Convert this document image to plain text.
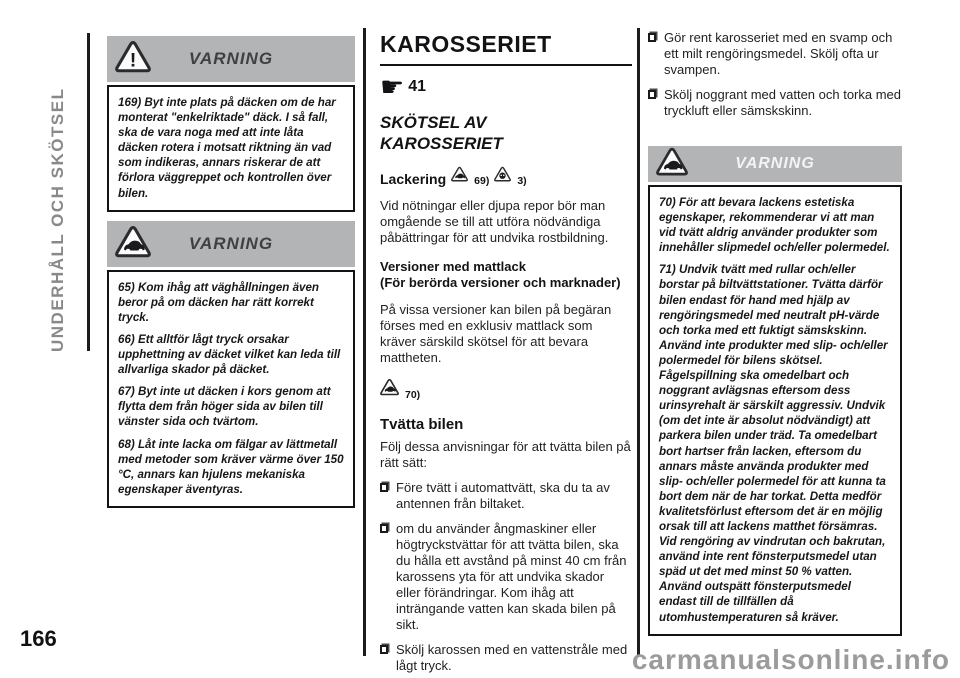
UNDERHÅLL OCH SKÖTSEL
166
!	VARNING

169) Byt inte plats på däcken om de har monterat "enkelriktade" däck. I så fall, ska de vara noga med att inte låta däcken rotera i motsatt riktning än vad som indikeras, annars riskerar de att förlora väggreppet och kontrollen över bilen.

VARNING

65) Kom ihåg att väghållningen även beror på om däcken har rätt korrekt tryck.

66) Ett alltför lågt tryck orsakar upphettning av däcket vilket kan leda till allvarliga skador på däcket.

67) Byt inte ut däcken i kors genom att flytta dem från höger sida av bilen till vänster sida och tvärtom.

68) Låt inte lacka om fälgar av lättmetall med metoder som kräver värme över 150 °C, annars kan hjulens mekaniska egenskaper äventyras.

KAROSSERIET
☛ 41
SKÖTSEL AV KAROSSERIET
Lackering	69)	3)

Vid nötningar eller djupa repor bör man omgående se till att utföra nödvändiga påbättringar för att undvika rostbildning.

Versioner med mattlack
(För berörda versioner och marknader)

På vissa versioner kan bilen på begäran förses med en exklusiv mattlack som kräver särskild skötsel för att bevara mattheten.

70)
Tvätta bilen

Följ dessa anvisningar för att tvätta bilen på rätt sätt:

Före tvätt i automattvätt, ska du ta av antennen från biltaket.
om du använder ångmaskiner eller högtryckstvättar för att tvätta bilen, ska du hålla ett avstånd på minst 40 cm från karossens yta för att undvika skador eller förändringar. Kom ihåg att inträngande vatten kan skada bilen på sikt.
Skölj karossen med en vattenstråle med lågt tryck.
Gör rent karosseriet med en svamp och ett milt rengöringsmedel. Skölj ofta ur svampen.
Skölj noggrant med vatten och torka med tryckluft eller sämskskinn.
VARNING

70) För att bevara lackens estetiska egenskaper, rekommenderar vi att man vid tvätt aldrig använder produkter som innehåller slipmedel och/eller polermedel.

71) Undvik tvätt med rullar och/eller borstar på biltvättstationer. Tvätta därför bilen endast för hand med hjälp av rengöringsmedel med neutralt pH-värde och torka med ett fuktigt sämskskinn. Använd inte produkter med slip- och/eller polermedel för bilens skötsel. Fågelspillning ska omedelbart och noggrant avlägsnas eftersom dess urinsyrehalt är särskilt aggressiv. Undvik (om det inte är absolut nödvändigt) att parkera bilen under träd. Ta omedelbart bort hartser från lacken, eftersom du annars måste använda produkter med slip- och/eller polermedel för att kunna ta bort dem när de har torkat. Detta medför kvalitetsförlust eftersom det är en möjlig orsak till att lackens matthet försämras. Vid rengöring av vindrutan och bakrutan, använd inte rent fönsterputsmedel utan späd ut det med minst 50 % vatten. Använd outspätt fönsterputsmedel endast till de tillfällen då utomhustemperaturen så kräver.

carmanualsonline.info
